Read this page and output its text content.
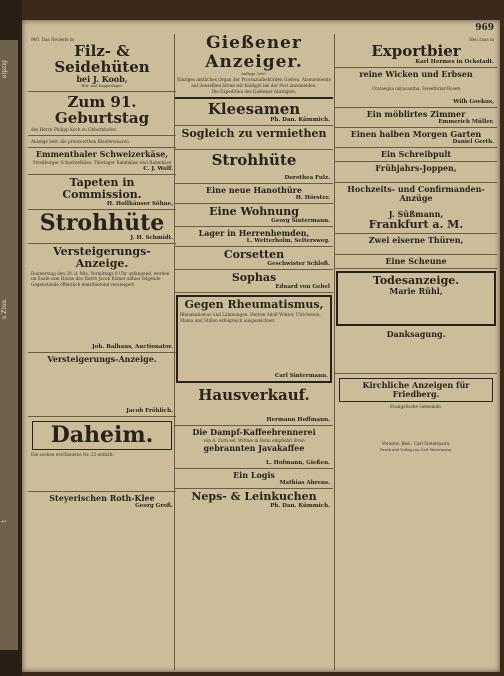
eipzig
s Zinn
t
969
960. Das Neueste in
Filz- & Seidehüten
bei J. Koob,
Hut- und Kappenlager.
Zum 91. Geburtstag
des Herrn Philipp Koch zu Obbornhofen
Anzeige betr. die preiswerthen Kleiderwaaren
Emmenthaler Schweizerkäse,
Straßburger Schachtelkäse, Thüringer Rahmkäse und Rahmkäse
C. J. Wolf.
Tapeten in Commission.
H. Hollhäuser Söhne,
Strohhüte
J. H. Schmidt.
Versteigerungs-Anzeige.
Donnerstag den 28. d. Mts. Vormittags 9 Uhr anfangend, werden im Saale zum Hause des Herrn Jacob Römer allhier folgende Gegenstände öffentlich meistbietend versteigert.

Joh. Balhaus, Auctionator.
Versteigerungs-Anzeige.

Jacob Fröhlich.
Daheim.
Die soeben erschienene Nr. 25 enthält:

Steyerischen Roth-Klee
Georg Groß.
Gießener Anzeiger.
Auflage 3000.
Einziges amtliches Organ der Provinzialbehörden Gießen. Abonnements auf denselben bitten wir baldigst bei der Post anzumelden.
Die Expedition des Gießener Anzeigers.
Kleesamen
Ph. Dan. Kümmich.
Sogleich zu vermiethen

Strohhüte

Dorothea Fulz.
Eine neue Hanothüre
H. Hörster.
Eine Wohnung
Georg Sintermann.
Lager in Herrenhemden,
L. Wetterholm, Seltersweg.
Corsetten
Geschwister Schloß.
Sophas
Eduard von Gebel
Gegen Rheumatismus,
Rheumatismus und Lähmungen. Herren Adolf Winter, Ulrichstein, Mama und Stillen erfolgreich ausgezeichnet.

Carl Sintermann.
Hausverkauf.

Hermann Hoffmann.
Die Dampf-Kaffeebrennerei
von A. Zorn sel. Wittwe in Bonn empfiehlt ihren
gebrannten Javakaffee

L. Hofmann, Gießen.
Ein Logis
Mathias Ahrens.
Neps- & Leinkuchen
Ph. Dan. Kümmich.
Neu raus in
Exportbier
Karl Hermes in Ockstadt.
reine Wicken und Erbsen

Crataegus oxyacantha, Sweetbriar-Rosen

Wilh Goekus,
Ein möblirtes Zimmer
Emmerich Müller.
Einen halben Morgen Garten
Daniel Gerth.
Ein Schreibpult
Frühjahrs-Joppen,

Hochzeits- und Confirmanden-Anzüge

J. Süßmann,
Frankfurt a. M.
Zwei eiserne Thüren,

Eine Scheune
Todesanzeige.
Marie Rühl,

Danksagung.

Kirchliche Anzeigen für Friedberg.
Evangelische Gemeinde.

Verantw. Red.: Carl Sintermann.
Druck und Verlag von Carl Sintermann.
